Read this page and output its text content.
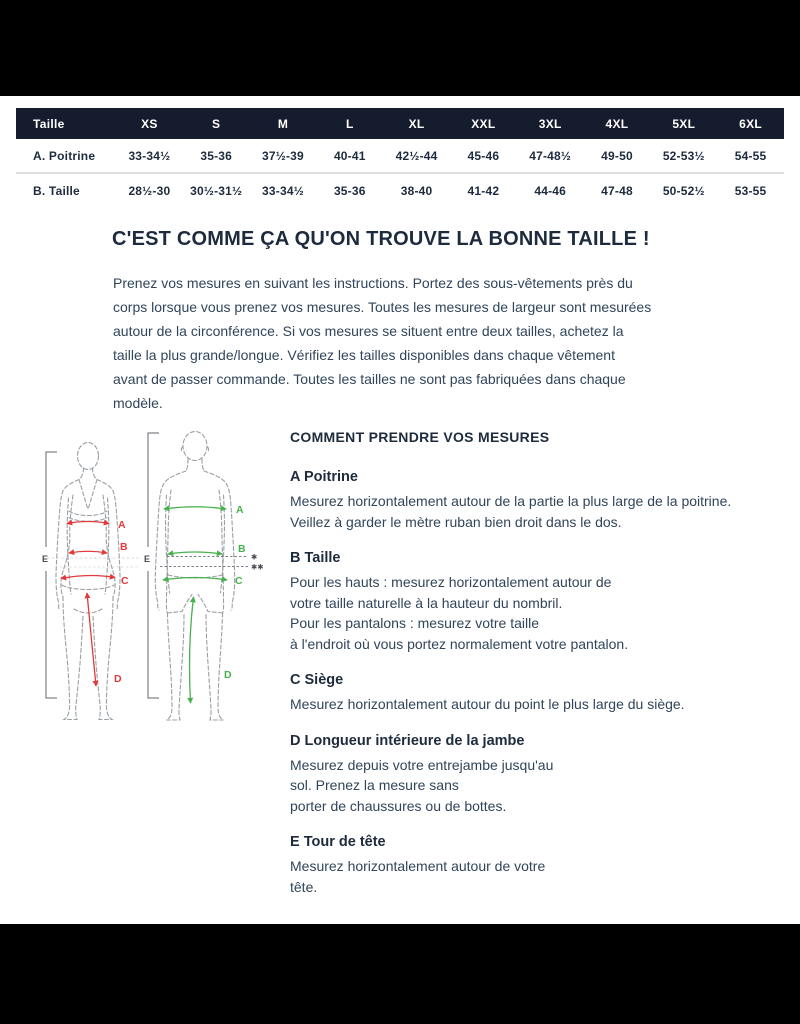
Taille	XS	S	M	L	XL	XXL	3XL	4XL	5XL	6XL
A. Poitrine	33-34½	35-36	37½-39	40-41	42½-44	45-46	47-48½	49-50	52-53½	54-55
B. Taille	28½-30	30½-31½	33-34½	35-36	38-40	41-42	44-46	47-48	50-52½	53-55
C'EST COMME ÇA QU'ON TROUVE LA BONNE TAILLE !
Prenez vos mesures en suivant les instructions. Portez des sous-vêtements près du
corps lorsque vous prenez vos mesures. Toutes les mesures de largeur sont mesurées
autour de la circonférence. Si vos mesures se situent entre deux tailles, achetez la
taille la plus grande/longue. Vérifiez les tailles disponibles dans chaque vêtement
avant de passer commande. Toutes les tailles ne sont pas fabriquées dans chaque
modèle.
A
B
C
D
E	✱
✱✱
A
B
C
D
E
COMMENT PRENDRE VOS MESURES
A Poitrine
Mesurez horizontalement autour de la partie la plus large de la poitrine.
Veillez à garder le mètre ruban bien droit dans le dos.
B Taille
Pour les hauts : mesurez horizontalement autour de
votre taille naturelle à la hauteur du nombril.
Pour les pantalons : mesurez votre taille
à l'endroit où vous portez normalement votre pantalon.
C Siège
Mesurez horizontalement autour du point le plus large du siège.
D Longueur intérieure de la jambe
Mesurez depuis votre entrejambe jusqu'au
sol. Prenez la mesure sans
porter de chaussures ou de bottes.
E Tour de tête
Mesurez horizontalement autour de votre
tête.
